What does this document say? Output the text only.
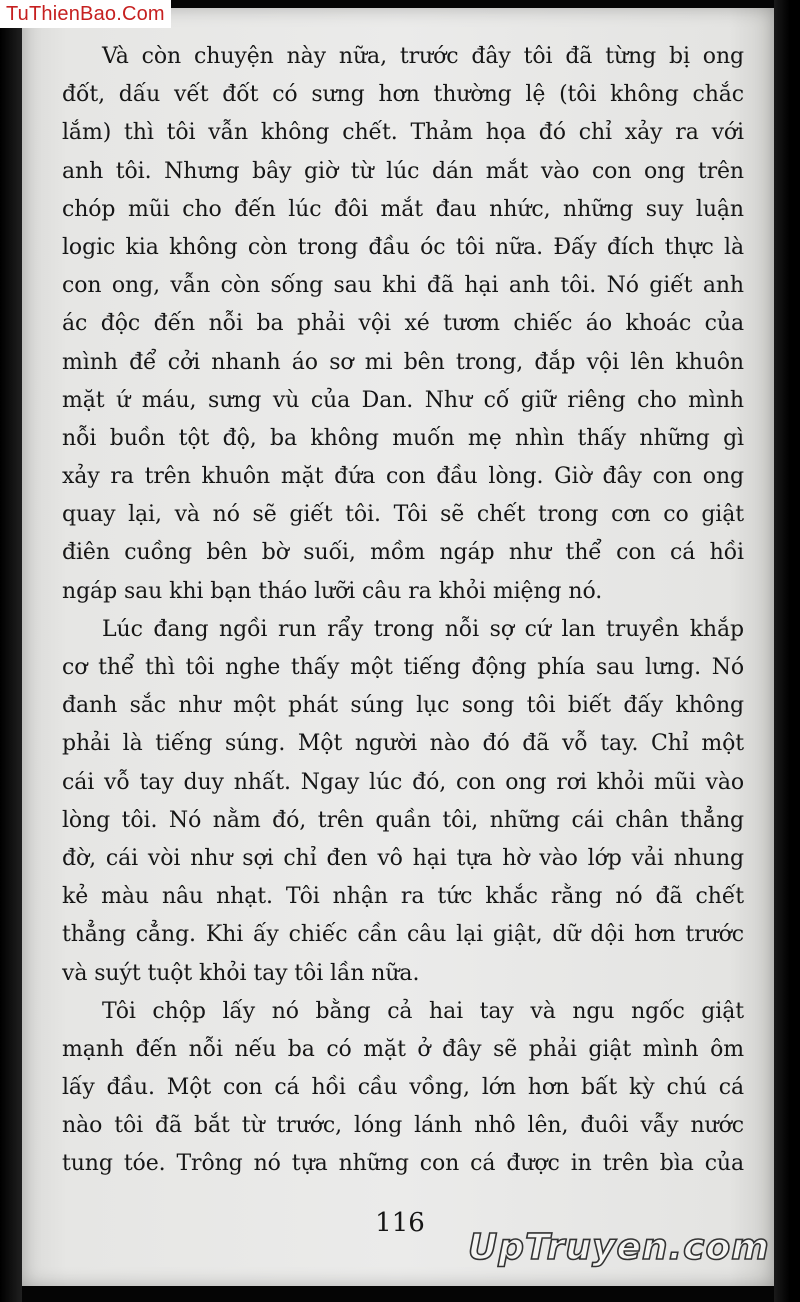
TuThienBao.Com
Và còn chuyện này nữa, trước đây tôi đã từng bị ong
đốt, dấu vết đốt có sưng hơn thường lệ (tôi không chắc
lắm) thì tôi vẫn không chết. Thảm họa đó chỉ xảy ra với
anh tôi. Nhưng bây giờ từ lúc dán mắt vào con ong trên
chóp mũi cho đến lúc đôi mắt đau nhức, những suy luận
logic kia không còn trong đầu óc tôi nữa. Đấy đích thực là
con ong, vẫn còn sống sau khi đã hại anh tôi. Nó giết anh
ác độc đến nỗi ba phải vội xé tươm chiếc áo khoác của
mình để cởi nhanh áo sơ mi bên trong, đắp vội lên khuôn
mặt ứ máu, sưng vù của Dan. Như cố giữ riêng cho mình
nỗi buồn tột độ, ba không muốn mẹ nhìn thấy những gì
xảy ra trên khuôn mặt đứa con đầu lòng. Giờ đây con ong
quay lại, và nó sẽ giết tôi. Tôi sẽ chết trong cơn co giật
điên cuồng bên bờ suối, mồm ngáp như thể con cá hồi
ngáp sau khi bạn tháo lưỡi câu ra khỏi miệng nó.
Lúc đang ngồi run rẩy trong nỗi sợ cứ lan truyền khắp
cơ thể thì tôi nghe thấy một tiếng động phía sau lưng. Nó
đanh sắc như một phát súng lục song tôi biết đấy không
phải là tiếng súng. Một người nào đó đã vỗ tay. Chỉ một
cái vỗ tay duy nhất. Ngay lúc đó, con ong rơi khỏi mũi vào
lòng tôi. Nó nằm đó, trên quần tôi, những cái chân thẳng
đờ, cái vòi như sợi chỉ đen vô hại tựa hờ vào lớp vải nhung
kẻ màu nâu nhạt. Tôi nhận ra tức khắc rằng nó đã chết
thẳng cẳng. Khi ấy chiếc cần câu lại giật, dữ dội hơn trước
và suýt tuột khỏi tay tôi lần nữa.
Tôi chộp lấy nó bằng cả hai tay và ngu ngốc giật
mạnh đến nỗi nếu ba có mặt ở đây sẽ phải giật mình ôm
lấy đầu. Một con cá hồi cầu vồng, lớn hơn bất kỳ chú cá
nào tôi đã bắt từ trước, lóng lánh nhô lên, đuôi vẫy nước
tung tóe. Trông nó tựa những con cá được in trên bìa của
116
UpTruyen.com
